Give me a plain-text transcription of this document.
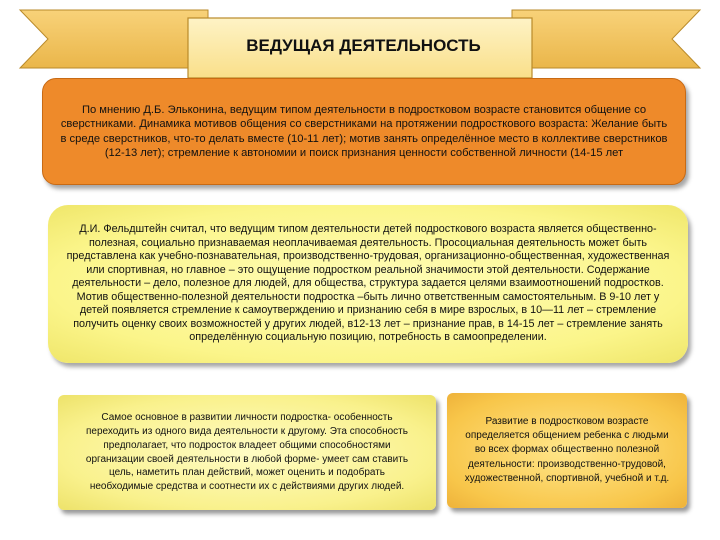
ВЕДУЩАЯ ДЕЯТЕЛЬНОСТЬ

По мнению Д.Б. Эльконина, ведущим типом деятельности в подростковом возрасте становится общение со сверстниками. Динамика мотивов общения со сверстниками на протяжении подросткового возраста: Желание быть в среде сверстников, что-то делать вместе (10-11 лет); мотив занять определённое место в коллективе сверстников (12-13 лет); стремление к автономии и поиск признания ценности собственной личности (14-15 лет

Д.И. Фельдштейн считал, что ведущим типом деятельности детей подросткового возраста является общественно-полезная, социально признаваемая неоплачиваемая деятельность. Просоциальная деятельность может быть представлена как учебно-познавательная, производственно-трудовая, организационно-общественная, художественная или спортивная, но главное – это ощущение подростком реальной значимости этой деятельности. Содержание деятельности – дело, полезное для людей, для общества, структура задается целями взаимоотношений подростков. Мотив общественно-полезной деятельности подростка –быть лично ответственным самостоятельным. В 9-10 лет у детей появляется стремление к самоутверждению и признанию себя в мире взрослых, в 10—11 лет – стремление получить оценку своих возможностей у других людей, в12-13 лет – признание прав, в 14-15 лет – стремление занять определённую социальную позицию, потребность в самоопределении.

Самое основное в развитии личности подростка- особенность переходить из одного вида деятельности к другому. Эта способность предполагает, что подросток владеет общими способностями организации своей деятельности в любой форме- умеет сам ставить цель, наметить план действий, может оценить и подобрать необходимые средства и соотнести их с действиями других людей.

Развитие в подростковом возрасте определяется общением ребенка с людьми во всех формах общественно полезной деятельности: производственно-трудовой, художественной, спортивной, учебной и т.д.
